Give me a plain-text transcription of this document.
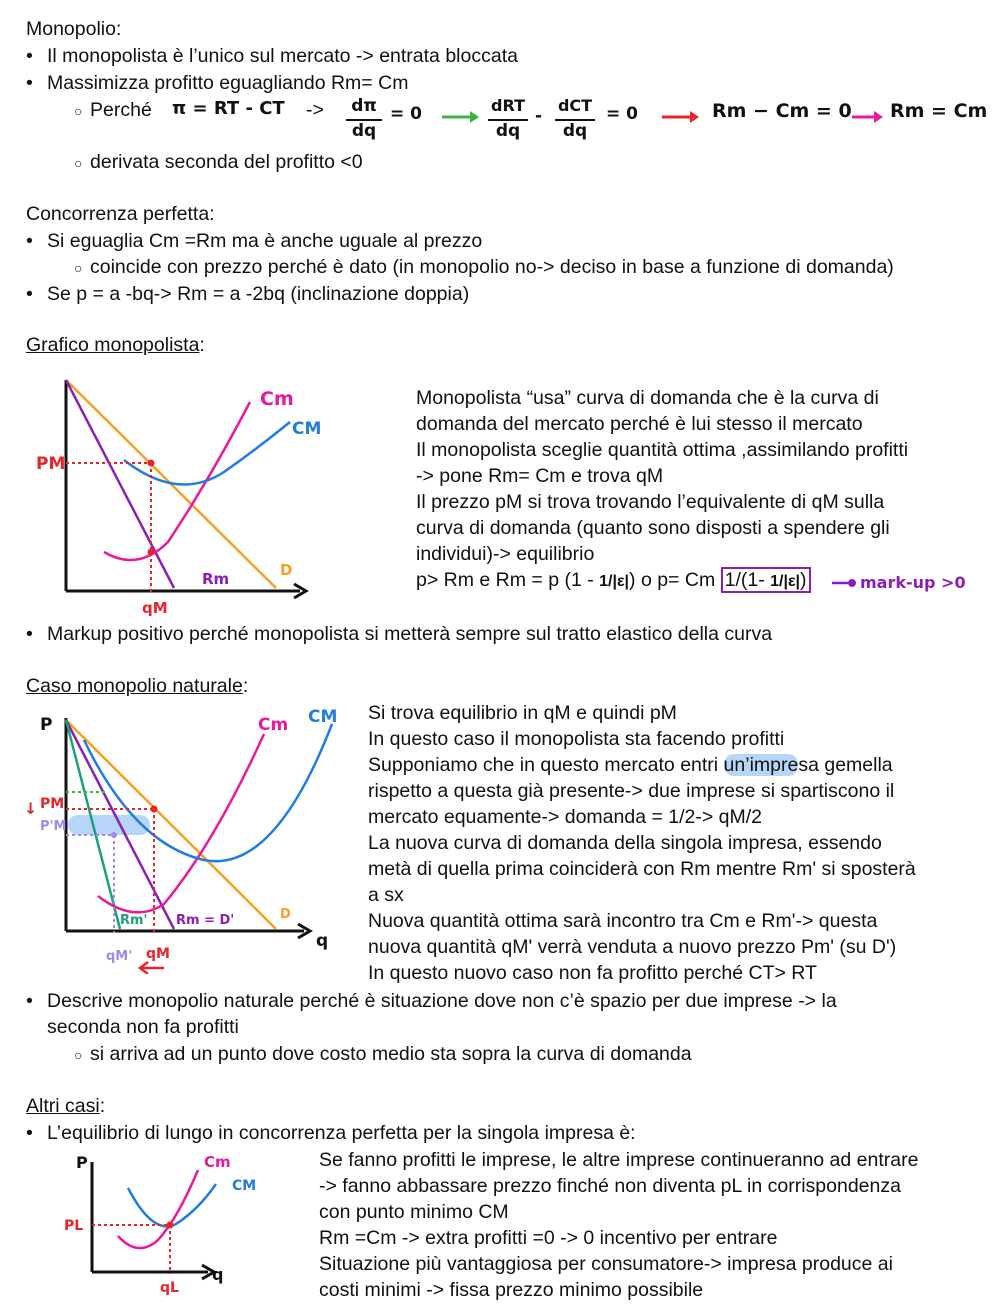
Monopolio:
• Il monopolista è l’unico sul mercato -> entrata bloccata
• Massimizza profitto eguagliando Rm= Cm
○ Perché π = RT - CT ->	dπ
dq
= 0	dRT
dq
-
dCT
dq
= 0	Rm − Cm = 0 Rm = Cm
○ derivata seconda del profitto <0
Concorrenza perfetta:
• Si eguaglia Cm =Rm ma è anche uguale al prezzo
○ coincide con prezzo perché è dato (in monopolio no-> deciso in base a funzione di domanda)
• Se p = a -bq-> Rm = a -2bq (inclinazione doppia)
Grafico monopolista:
Cm
CM
PM
qM
Rm	D
Monopolista “usa” curva di domanda che è la curva di
domanda del mercato perché è lui stesso il mercato
Il monopolista sceglie quantità ottima ,assimilando profitti
-> pone Rm= Cm e trova qM
Il prezzo pM si trova trovando l’equivalente di qM sulla
curva di domanda (quanto sono disposti a spendere gli
individui)-> equilibrio
p> Rm e Rm = p (1 - 1/|ε|) o p= Cm 1/(1- 1/|ε|)	mark-up >0
• Markup positivo perché monopolista si metterà sempre sul tratto elastico della curva
Caso monopolio naturale:
P	Cm CM
PM
↓
P'M
Rm' Rm = D'	D
q
qM' qM
Si trova equilibrio in qM e quindi pM
In questo caso il monopolista sta facendo profitti
Supponiamo che in questo mercato entri un’impresa gemella
rispetto a questa già presente-> due imprese si spartiscono il
mercato equamente-> domanda = 1/2-> qM/2
La nuova curva di domanda della singola impresa, essendo
metà di quella prima coinciderà con Rm mentre Rm' si sposterà
a sx
Nuova quantità ottima sarà incontro tra Cm e Rm'-> questa
nuova quantità qM' verrà venduta a nuovo prezzo Pm' (su D')
In questo nuovo caso non fa profitto perché CT> RT
• Descrive monopolio naturale perché è situazione dove non c’è spazio per due imprese -> la
seconda non fa profitti
○ si arriva ad un punto dove costo medio sta sopra la curva di domanda
Altri casi:
• L’equilibrio di lungo in concorrenza perfetta per la singola impresa è:
P	Cm
CM
PL
qL
q
Se fanno profitti le imprese, le altre imprese continueranno ad entrare
-> fanno abbassare prezzo finché non diventa pL in corrispondenza
con punto minimo CM
Rm =Cm -> extra profitti =0 -> 0 incentivo per entrare
Situazione più vantaggiosa per consumatore-> impresa produce ai
costi minimi -> fissa prezzo minimo possibile
